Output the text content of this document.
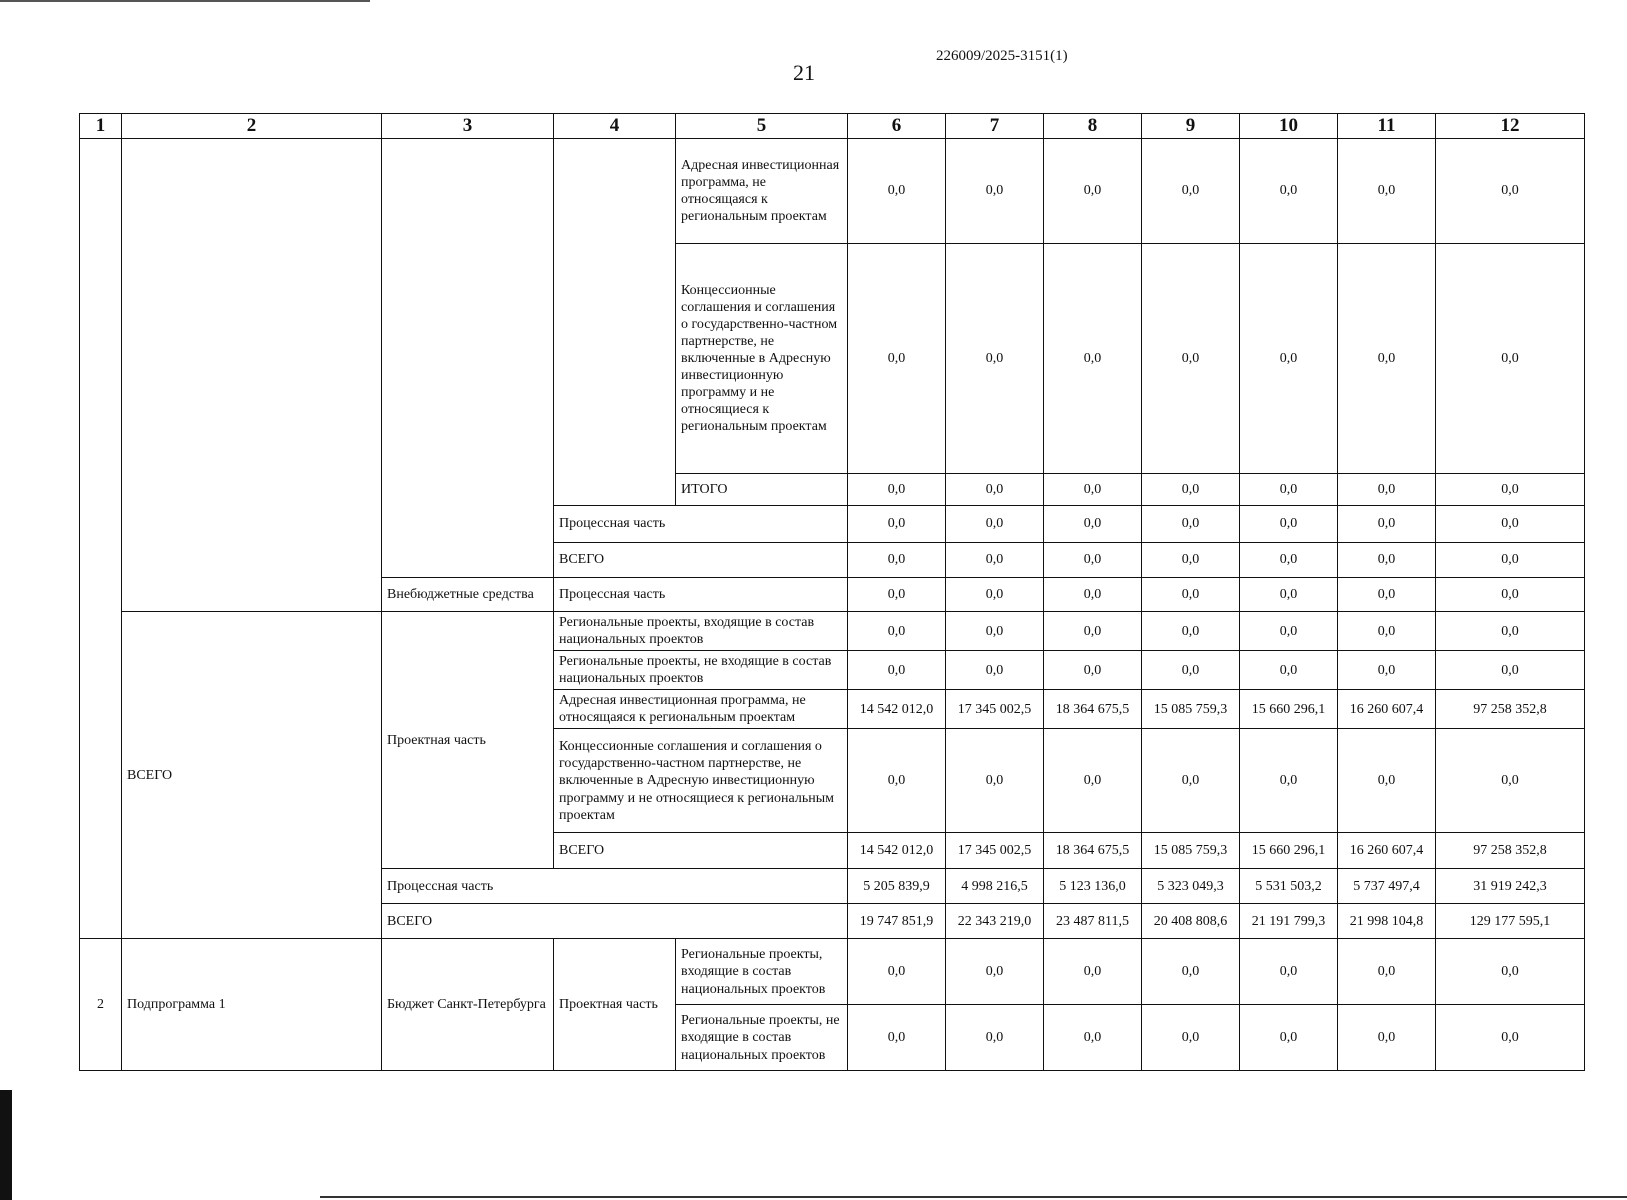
226009/2025-3151(1)
21
1	2	3	4	5	6	7	8	9	10	11	12
				Адресная инвестиционная программа, не относящаяся к региональным проектам	0,0	0,0	0,0	0,0	0,0	0,0	0,0
				Концессионные соглашения и соглашения о государственно-частном партнерстве, не включенные в Адресную инвестиционную программу и не относящиеся к региональным проектам	0,0	0,0	0,0	0,0	0,0	0,0	0,0
				ИТОГО	0,0	0,0	0,0	0,0	0,0	0,0	0,0
			Процессная часть		0,0	0,0	0,0	0,0	0,0	0,0	0,0
			ВСЕГО		0,0	0,0	0,0	0,0	0,0	0,0	0,0
		Внебюджетные средства	Процессная часть		0,0	0,0	0,0	0,0	0,0	0,0	0,0
	ВСЕГО	Проектная часть	Региональные проекты, входящие в состав национальных проектов		0,0	0,0	0,0	0,0	0,0	0,0	0,0
			Региональные проекты, не входящие в состав национальных проектов		0,0	0,0	0,0	0,0	0,0	0,0	0,0
			Адресная инвестиционная программа, не относящаяся к региональным проектам		14 542 012,0	17 345 002,5	18 364 675,5	15 085 759,3	15 660 296,1	16 260 607,4	97 258 352,8
			Концессионные соглашения и соглашения о государственно-частном партнерстве, не включенные в Адресную инвестиционную программу и не относящиеся к региональным проектам		0,0	0,0	0,0	0,0	0,0	0,0	0,0
			ВСЕГО		14 542 012,0	17 345 002,5	18 364 675,5	15 085 759,3	15 660 296,1	16 260 607,4	97 258 352,8
		Процессная часть			5 205 839,9	4 998 216,5	5 123 136,0	5 323 049,3	5 531 503,2	5 737 497,4	31 919 242,3
		ВСЕГО			19 747 851,9	22 343 219,0	23 487 811,5	20 408 808,6	21 191 799,3	21 998 104,8	129 177 595,1
2	Подпрограмма 1	Бюджет Санкт-Петербурга	Проектная часть	Региональные проекты, входящие в состав национальных проектов	0,0	0,0	0,0	0,0	0,0	0,0	0,0
				Региональные проекты, не входящие в состав национальных проектов	0,0	0,0	0,0	0,0	0,0	0,0	0,0
